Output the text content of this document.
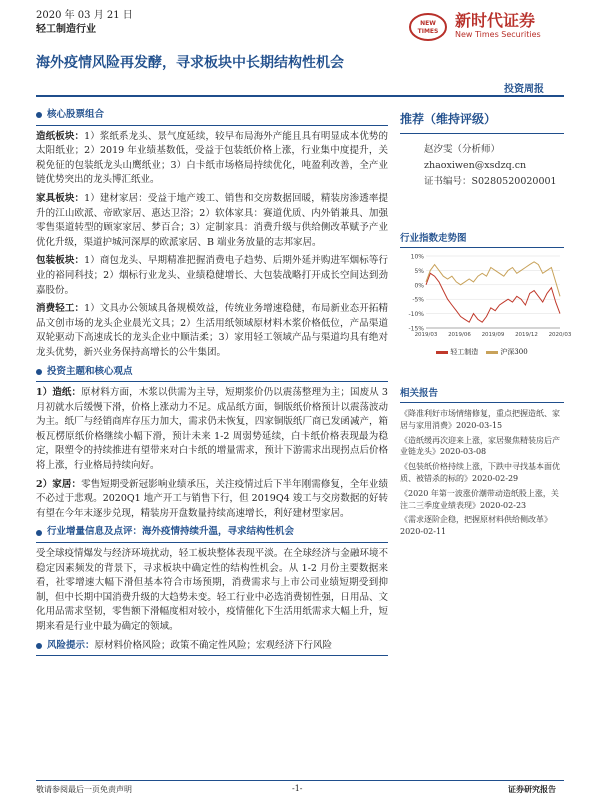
2020 年 03 月 21 日
轻工制造行业
NEW
TIMES
新时代证券
New Times Securities
海外疫情风险再发酵，寻求板块中长期结构性机会
投资周报
核心股票组合

造纸板块：1）浆纸系龙头、景气度延续，较早布局海外产能且具有明显成本优势的太阳纸业；2）2019 年业绩基数低，受益于包装纸价格上涨，行业集中度提升，关税免征的包装纸龙头山鹰纸业；3）白卡纸市场格局持续优化，吨盈利改善，全产业链优势突出的龙头博汇纸业。

家具板块：1）建材家居：受益于地产竣工、销售和交房数据回暖，精装房渗透率提升的江山欧派、帝欧家居、惠达卫浴；2）软体家具：赛道优质、内外销兼具、加强零售渠道转型的顾家家居、梦百合；3）定制家具：消费升级与供给侧改革赋予产业优化升级，渠道护城河深厚的欧派家居、B 端业务放量的志邦家居。

包装板块：1）商包龙头、早期精准把握消费电子趋势、后期外延并购进军烟标等行业的裕同科技；2）烟标行业龙头、业绩稳健增长、大包装战略打开成长空间达到劲嘉股份。

消费轻工：1）文具办公领域具备规模效益，传统业务增速稳健，布局新业态开拓精品文创市场的龙头企业晨光文具；2）生活用纸领域原材料木浆价格低位，产品渠道双轮驱动下高速成长的龙头企业中顺洁柔；3）家用轻工领域产品与渠道均具有绝对龙头优势，新兴业务保持高增长的公牛集团。

投资主题和核心观点

1）造纸：原材料方面，木浆以供需为主导，短期浆价仍以震荡整理为主；国废从 3 月初就水后缓慢下滑，价格上涨动力不足。成品纸方面，铜版纸价格预计以震荡波动为主。纸厂与经销商库存压力加大，需求仍未恢复，四家铜版纸厂商已发函减产，箱板瓦楞原纸价格继续小幅下滑，预计未来 1-2 周弱势延续，白卡纸价格表现最为稳定，限塑令的持续推进有望带来对白卡纸的增量需求，预计下游需求出现拐点后价格将上涨，行业格局持续向好。

2）家居：零售短期受新冠影响业绩承压，关注疫情过后下半年刚需修复，全年业绩不必过于悲观。2020Q1 地产开工与销售下行，但 2019Q4 竣工与交房数据的好转有望在今年末逐步兑现，精装房开盘数量持续高速增长，利好建材型家居。

行业增量信息及点评：海外疫情持续升温，寻求结构性机会

受全球疫情爆发与经济环境扰动，轻工板块整体表现平淡。在全球经济与金融环境不稳定因素频发的背景下，寻求板块中确定性的结构性机会。从 1-2 月份主要数据来看，社零增速大幅下滑但基本符合市场预期，消费需求与上市公司业绩短期受到抑制，但中长期中国消费升级的大趋势未变。轻工行业中必选消费韧性强，日用品、文化用品需求坚韧，零售额下滑幅度相对较小，疫情催化下生活用纸需求大幅上升，短期来看是行业中最为确定的领域。

风险提示： 原材料价格风险；政策不确定性风险；宏观经济下行风险
推荐（维持评级）
赵汐雯（分析师）
zhaoxiwen@xsdzq.cn
证书编号：S0280520020001
行业指数走势图
10%
5%
0%
-5%
-10%
-15%
2019/03 2019/06 2019/09 2019/12 2020/03
轻工制造	沪深300
相关报告
《降准利好市场情绪修复，重点把握造纸、家居与家用消费》2020-03-15
《造纸缓再次迎来上涨，家居聚焦精装房后产业链龙头》2020-03-08
《包装纸价格持续上涨，下跌中寻找基本面优质、被错杀的标的》2020-02-29
《2020 年第一波涨价潮带动造纸股上涨，关注二三季度业绩表现》2020-02-23
《需求逐阶企稳，把握原材料供给侧改革》2020-02-11
敬请参阅最后一页免责声明	-1-	证券研究报告
